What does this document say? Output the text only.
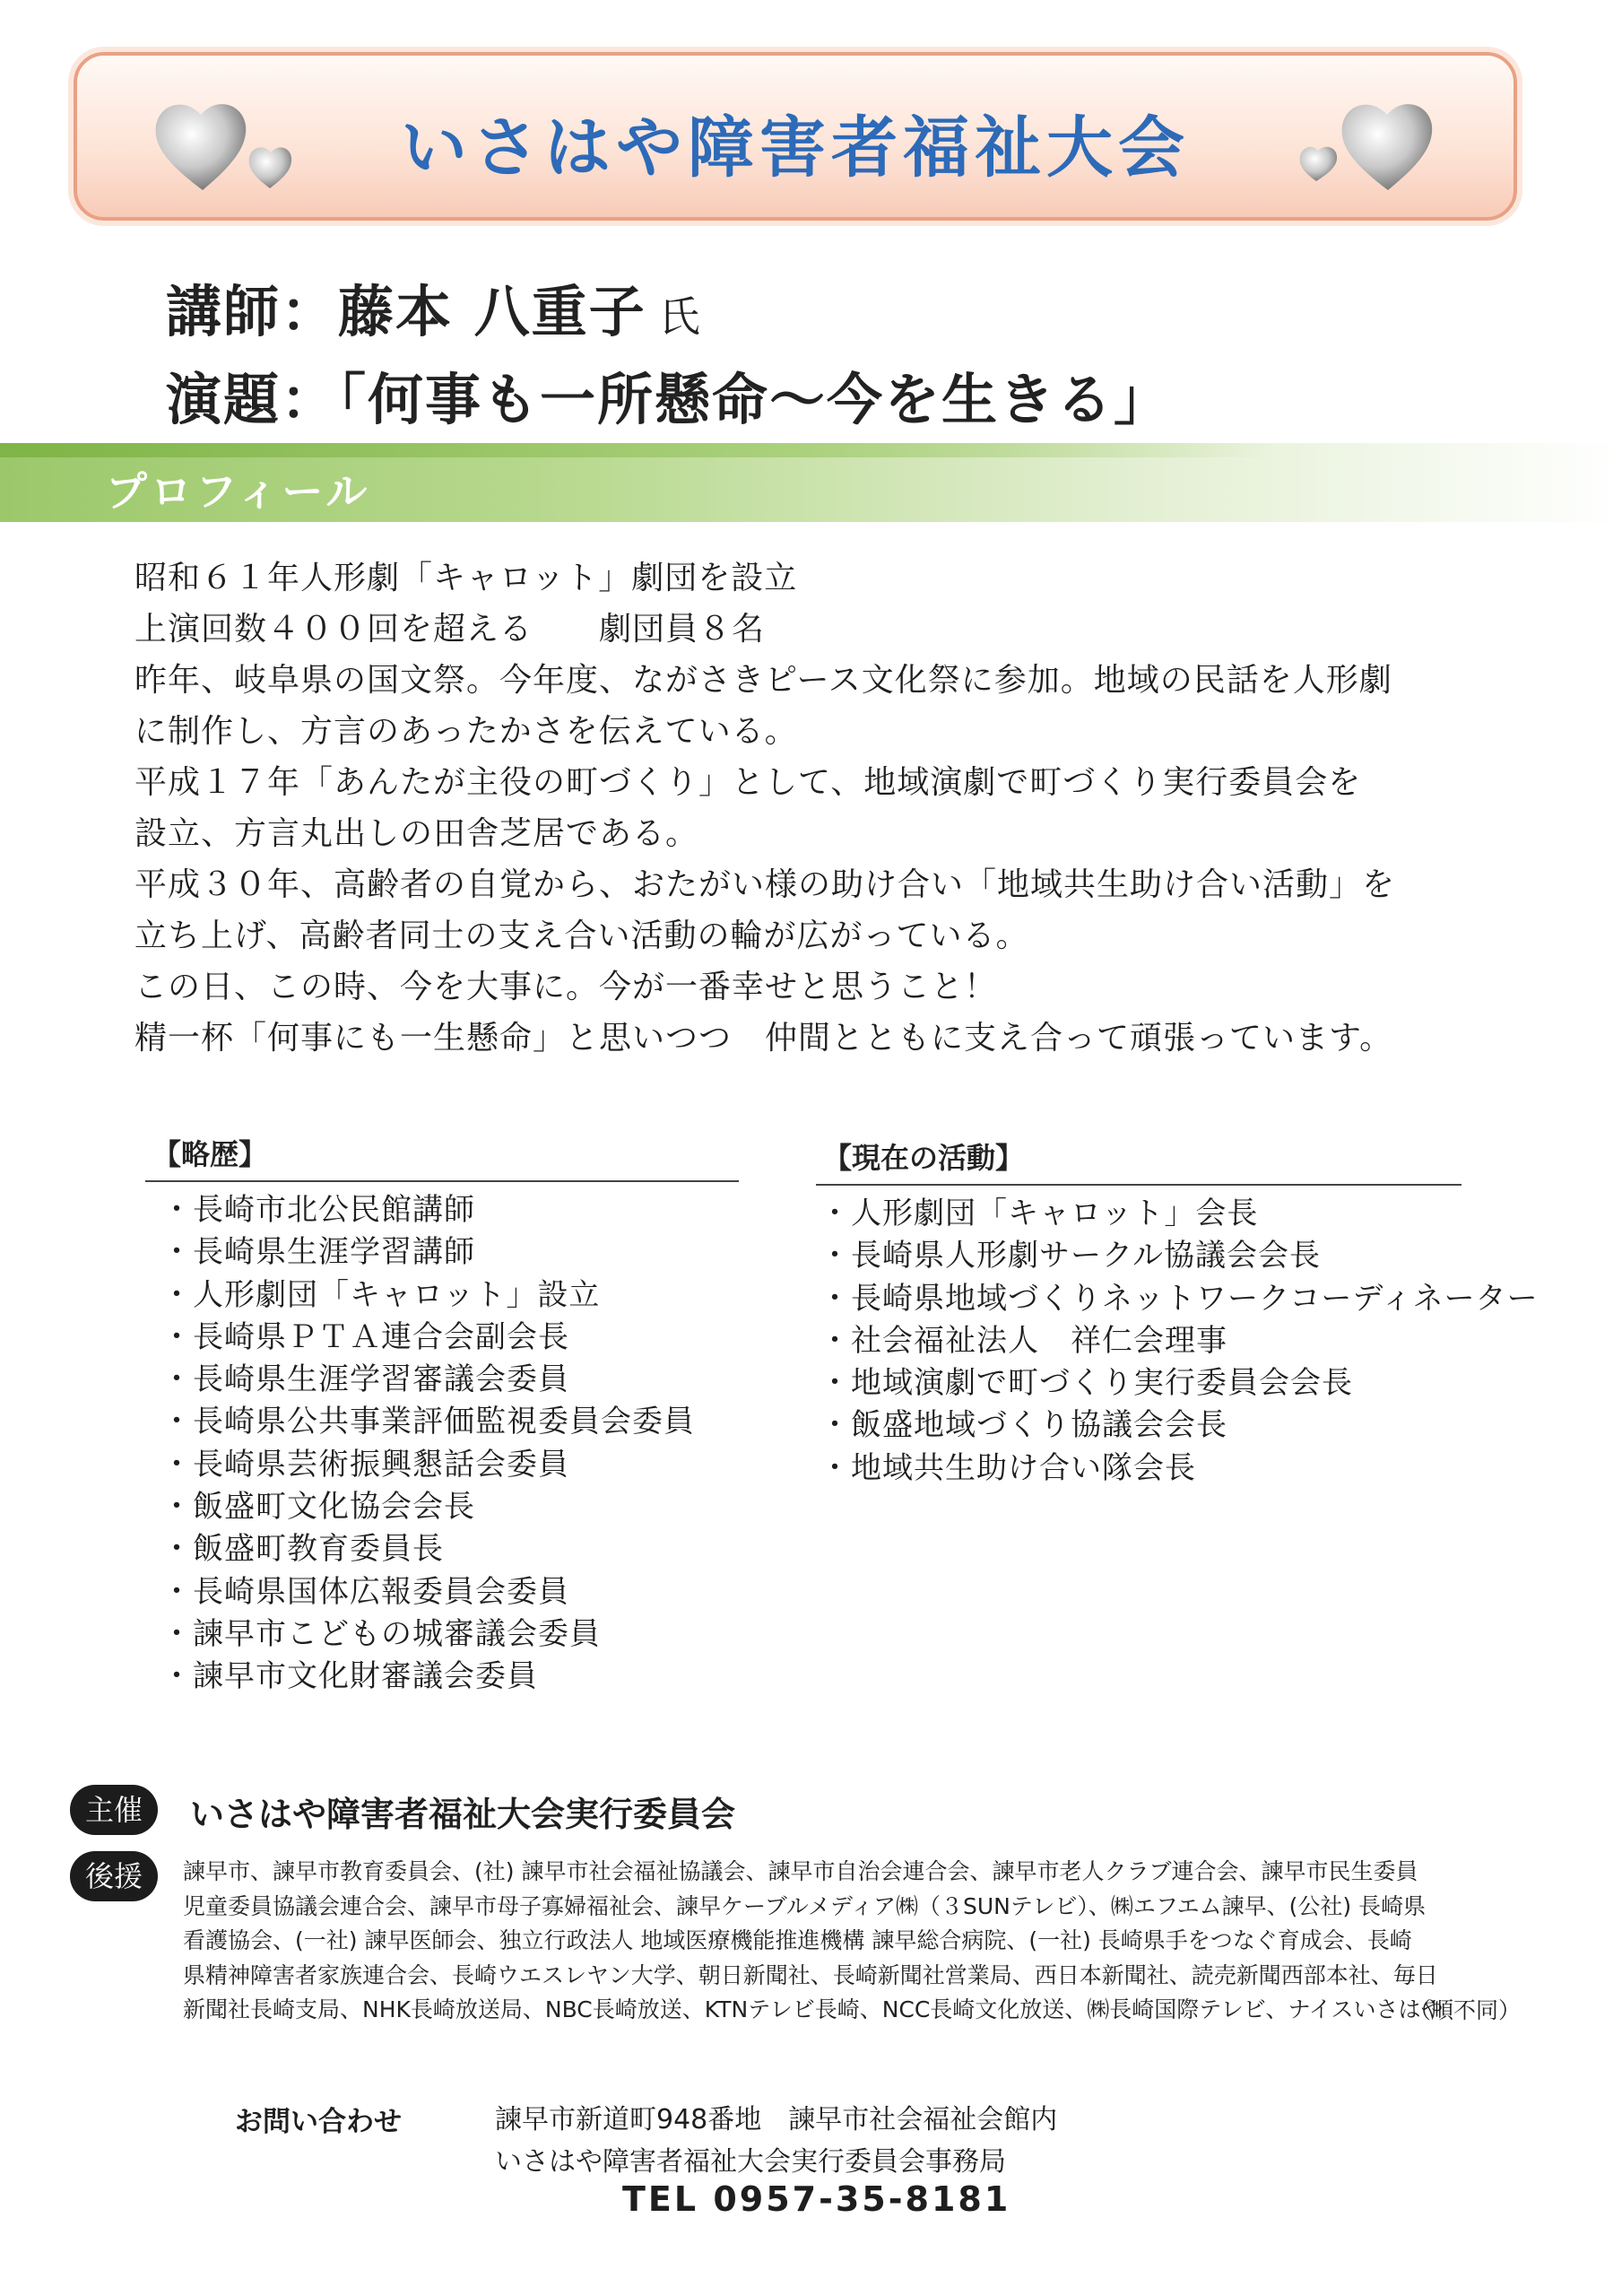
いさはや障害者福祉大会
講師：藤本 八重子 氏
演題：「何事も一所懸命～今を生きる」
プロフィール
昭和６１年人形劇「キャロット」劇団を設立
上演回数４００回を超える　　劇団員８名
昨年、岐阜県の国文祭。今年度、ながさきピース文化祭に参加。地域の民話を人形劇
に制作し、方言のあったかさを伝えている。
平成１７年「あんたが主役の町づくり」として、地域演劇で町づくり実行委員会を
設立、方言丸出しの田舎芝居である。
平成３０年、高齢者の自覚から、おたがい様の助け合い「地域共生助け合い活動」を
立ち上げ、高齢者同士の支え合い活動の輪が広がっている。
この日、この時、今を大事に。今が一番幸せと思うこと！
精一杯「何事にも一生懸命」と思いつつ　仲間とともに支え合って頑張っています。
【略歴】
・ 長崎市北公民館講師
・ 長崎県生涯学習講師
・ 人形劇団「キャロット」設立
・ 長崎県ＰＴＡ連合会副会長
・ 長崎県生涯学習審議会委員
・ 長崎県公共事業評価監視委員会委員
・ 長崎県芸術振興懇話会委員
・ 飯盛町文化協会会長
・ 飯盛町教育委員長
・ 長崎県国体広報委員会委員
・ 諫早市こどもの城審議会委員
・ 諫早市文化財審議会委員
【現在の活動】
・ 人形劇団「キャロット」会長
・ 長崎県人形劇サークル協議会会長
・ 長崎県地域づくりネットワークコーディネーター
・ 社会福祉法人　祥仁会理事
・ 地域演劇で町づくり実行委員会会長
・ 飯盛地域づくり協議会会長
・ 地域共生助け合い隊会長
主催	いさはや障害者福祉大会実行委員会
後援	諫早市、諫早市教育委員会、(社) 諫早市社会福祉協議会、諫早市自治会連合会、諫早市老人クラブ連合会、諫早市民生委員
児童委員協議会連合会、諫早市母子寡婦福祉会、諫早ケーブルメディア㈱（３SUNテレビ）、㈱エフエム諫早、(公社) 長崎県
看護協会、(一社) 諫早医師会、独立行政法人 地域医療機能推進機構 諫早総合病院、(一社) 長崎県手をつなぐ育成会、長崎
県精神障害者家族連合会、長崎ウエスレヤン大学、朝日新聞社、長崎新聞社営業局、西日本新聞社、読売新聞西部本社、毎日
新聞社長崎支局、NHK長崎放送局、NBC長崎放送、KTNテレビ長崎、NCC長崎文化放送、㈱長崎国際テレビ、ナイスいさはや
（順不同）
お問い合わせ	諫早市新道町948番地　諫早市社会福祉会館内
いさはや障害者福祉大会実行委員会事務局
TEL 0957-35-8181
